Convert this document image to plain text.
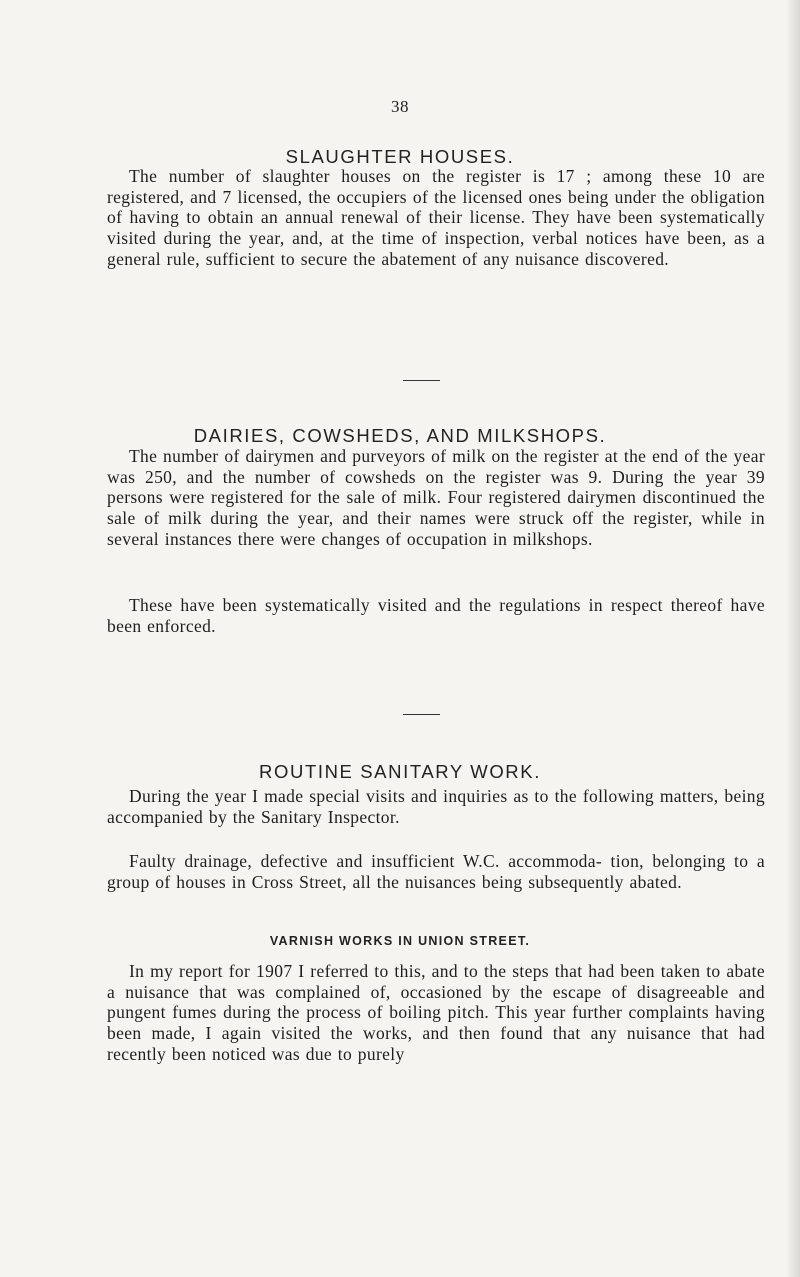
38
SLAUGHTER HOUSES.
The number of slaughter houses on the register is 17 ; among these 10 are registered, and 7 licensed, the occupiers of the licensed ones being under the obligation of having to obtain an annual renewal of their license. They have been systematically visited during the year, and, at the time of inspection, verbal notices have been, as a general rule, sufficient to secure the abatement of any nuisance discovered.
DAIRIES, COWSHEDS, AND MILKSHOPS.
The number of dairymen and purveyors of milk on the register at the end of the year was 250, and the number of cowsheds on the register was 9. During the year 39 persons were registered for the sale of milk. Four registered dairymen discontinued the sale of milk during the year, and their names were struck off the register, while in several instances there were changes of occupation in milkshops.
These have been systematically visited and the regulations in respect thereof have been enforced.
ROUTINE SANITARY WORK.
During the year I made special visits and inquiries as to the following matters, being accompanied by the Sanitary Inspector.
Faulty drainage, defective and insufficient W.C. accommoda- tion, belonging to a group of houses in Cross Street, all the nuisances being subsequently abated.
VARNISH WORKS IN UNION STREET.
In my report for 1907 I referred to this, and to the steps that had been taken to abate a nuisance that was complained of, occasioned by the escape of disagreeable and pungent fumes during the process of boiling pitch. This year further complaints having been made, I again visited the works, and then found that any nuisance that had recently been noticed was due to purely
